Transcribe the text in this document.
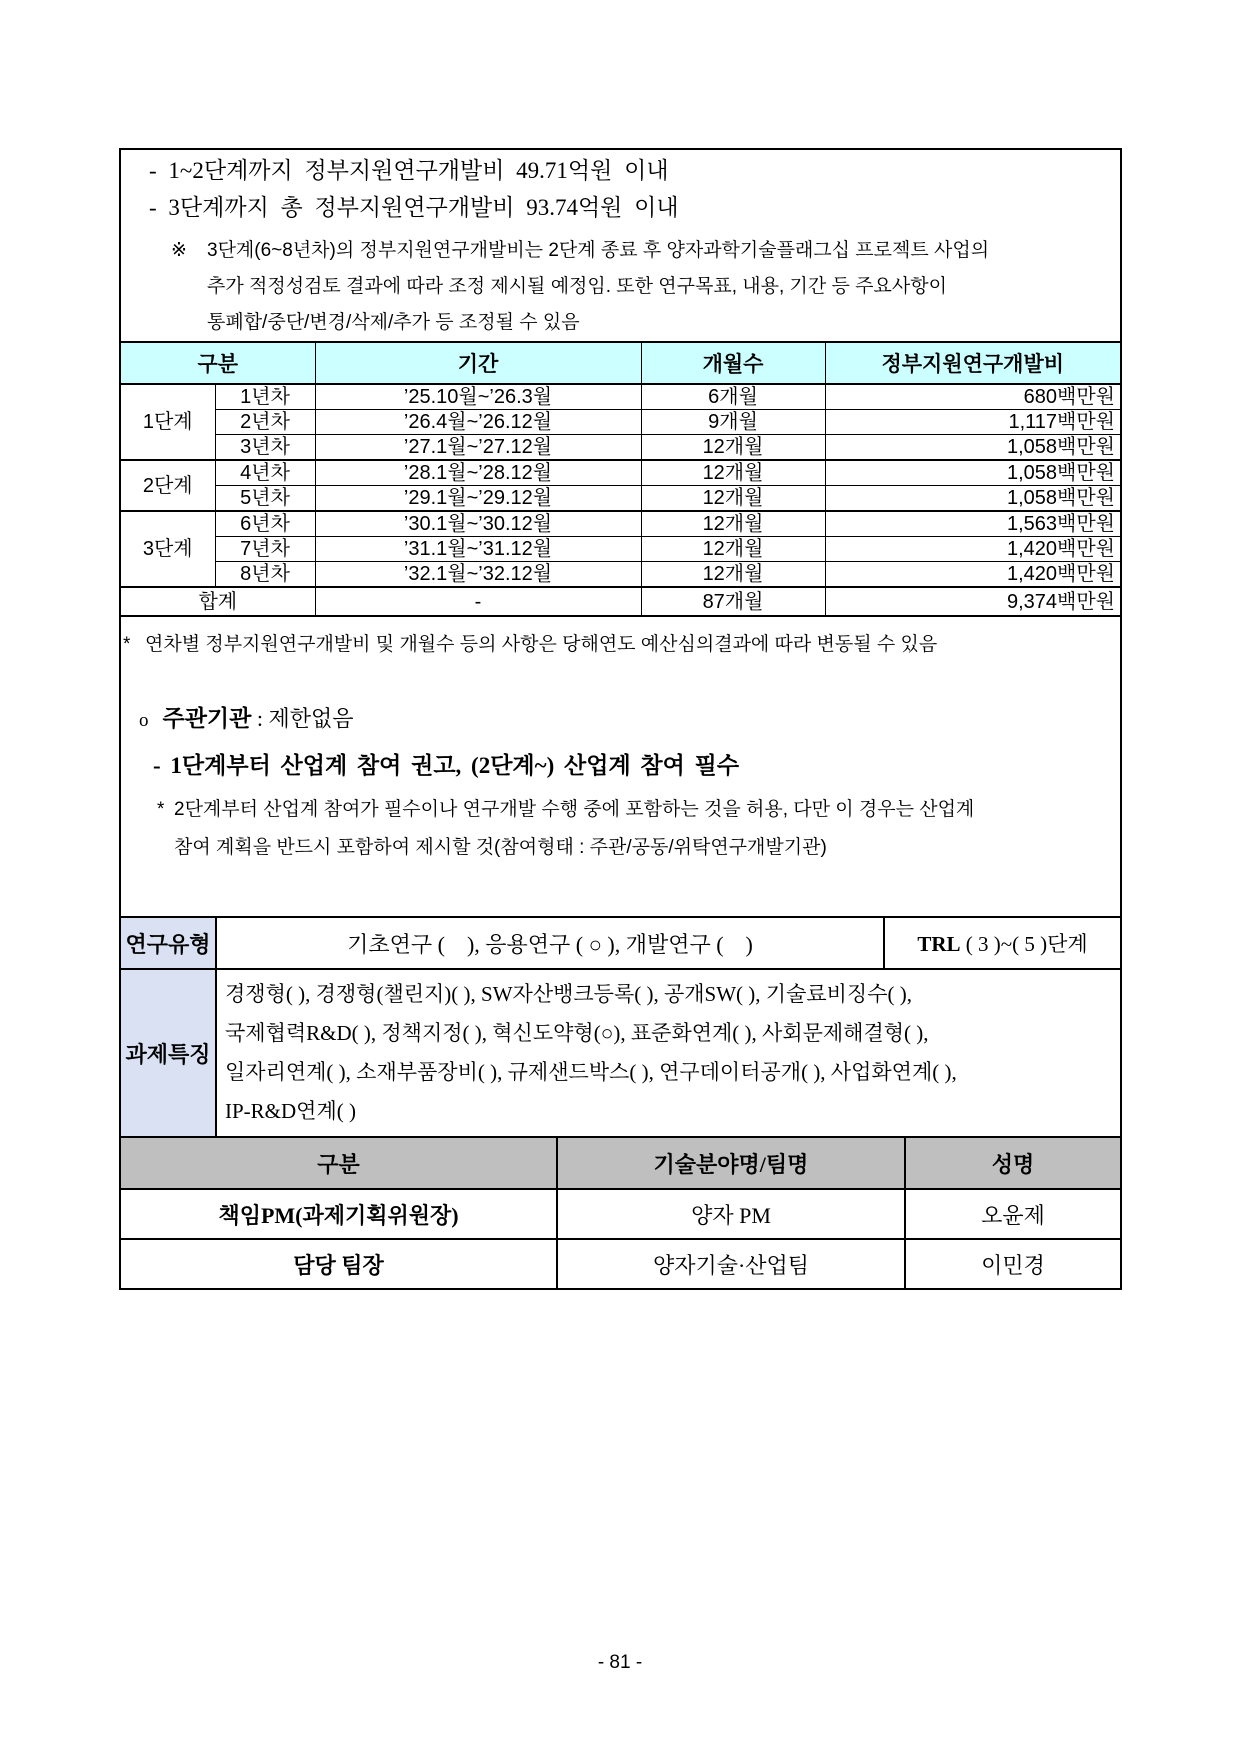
- 1~2단계까지 정부지원연구개발비 49.71억원 이내
- 3단계까지 총 정부지원연구개발비 93.74억원 이내
※	3단계(6~8년차)의 정부지원연구개발비는 2단계 종료 후 양자과학기술플래그십 프로젝트 사업의
추가 적정성검토 결과에 따라 조정 제시될 예정임. 또한 연구목표, 내용, 기간 등 주요사항이
통폐합/중단/변경/삭제/추가 등 조정될 수 있음
구분		기간	개월수	정부지원연구개발비
1단계	1년차	’25.10월~’26.3월	6개월	680백만원
	2년차	’26.4월~’26.12월	9개월	1,117백만원
	3년차	’27.1월~’27.12월	12개월	1,058백만원
2단계	4년차	’28.1월~’28.12월	12개월	1,058백만원
	5년차	’29.1월~’29.12월	12개월	1,058백만원
3단계	6년차	’30.1월~’30.12월	12개월	1,563백만원
	7년차	’31.1월~’31.12월	12개월	1,420백만원
	8년차	’32.1월~’32.12월	12개월	1,420백만원
합계		-	87개월	9,374백만원
* 연차별 정부지원연구개발비 및 개월수 등의 사항은 당해연도 예산심의결과에 따라 변동될 수 있음
o 주관기관 : 제한없음
- 1단계부터 산업계 참여 권고, (2단계~) 산업계 참여 필수
* 2단계부터 산업계 참여가 필수이나 연구개발 수행 중에 포함하는 것을 허용, 다만 이 경우는 산업계
참여 계획을 반드시 포함하여 제시할 것(참여형태 : 주관/공동/위탁연구개발기관)
연구유형	기초연구 (    ), 응용연구 ( ○ ), 개발연구 (    )	TRL ( 3 )~( 5 )단계
과제특징	경쟁형( ), 경쟁형(챌린지)( ), SW자산뱅크등록( ), 공개SW( ), 기술료비징수( ),
국제협력R&D( ), 정책지정( ), 혁신도약형(○), 표준화연계( ), 사회문제해결형( ),
일자리연계( ), 소재부품장비( ), 규제샌드박스( ), 연구데이터공개( ), 사업화연계( ),
IP-R&D연계( )	
구분	기술분야명/팀명	성명
책임PM(과제기획위원장)	양자 PM	오윤제
담당 팀장	양자기술·산업팀	이민경
- 81 -
